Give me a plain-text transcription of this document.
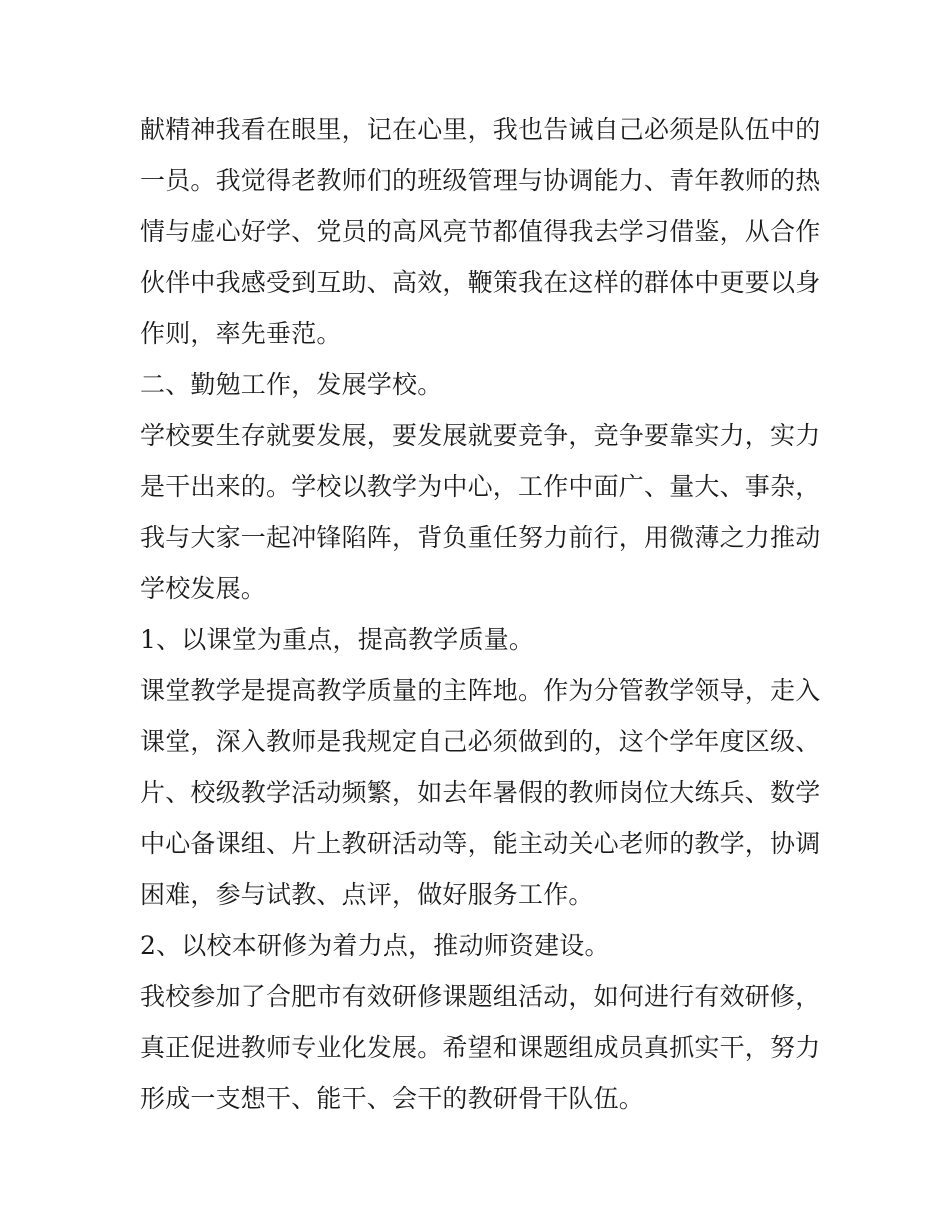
献精神我看在眼里，记在心里，我也告诫自己必须是队伍中的
一员。我觉得老教师们的班级管理与协调能力、青年教师的热
情与虚心好学、党员的高风亮节都值得我去学习借鉴，从合作
伙伴中我感受到互助、高效，鞭策我在这样的群体中更要以身
作则，率先垂范。
二、勤勉工作，发展学校。
学校要生存就要发展，要发展就要竞争，竞争要靠实力，实力
是干出来的。学校以教学为中心，工作中面广、量大、事杂，
我与大家一起冲锋陷阵，背负重任努力前行，用微薄之力推动
学校发展。
1、以课堂为重点，提高教学质量。
课堂教学是提高教学质量的主阵地。作为分管教学领导，走入
课堂，深入教师是我规定自己必须做到的，这个学年度区级、
片、校级教学活动频繁，如去年暑假的教师岗位大练兵、数学
中心备课组、片上教研活动等，能主动关心老师的教学，协调
困难，参与试教、点评，做好服务工作。
2、以校本研修为着力点，推动师资建设。
我校参加了合肥市有效研修课题组活动，如何进行有效研修，
真正促进教师专业化发展。希望和课题组成员真抓实干，努力
形成一支想干、能干、会干的教研骨干队伍。
